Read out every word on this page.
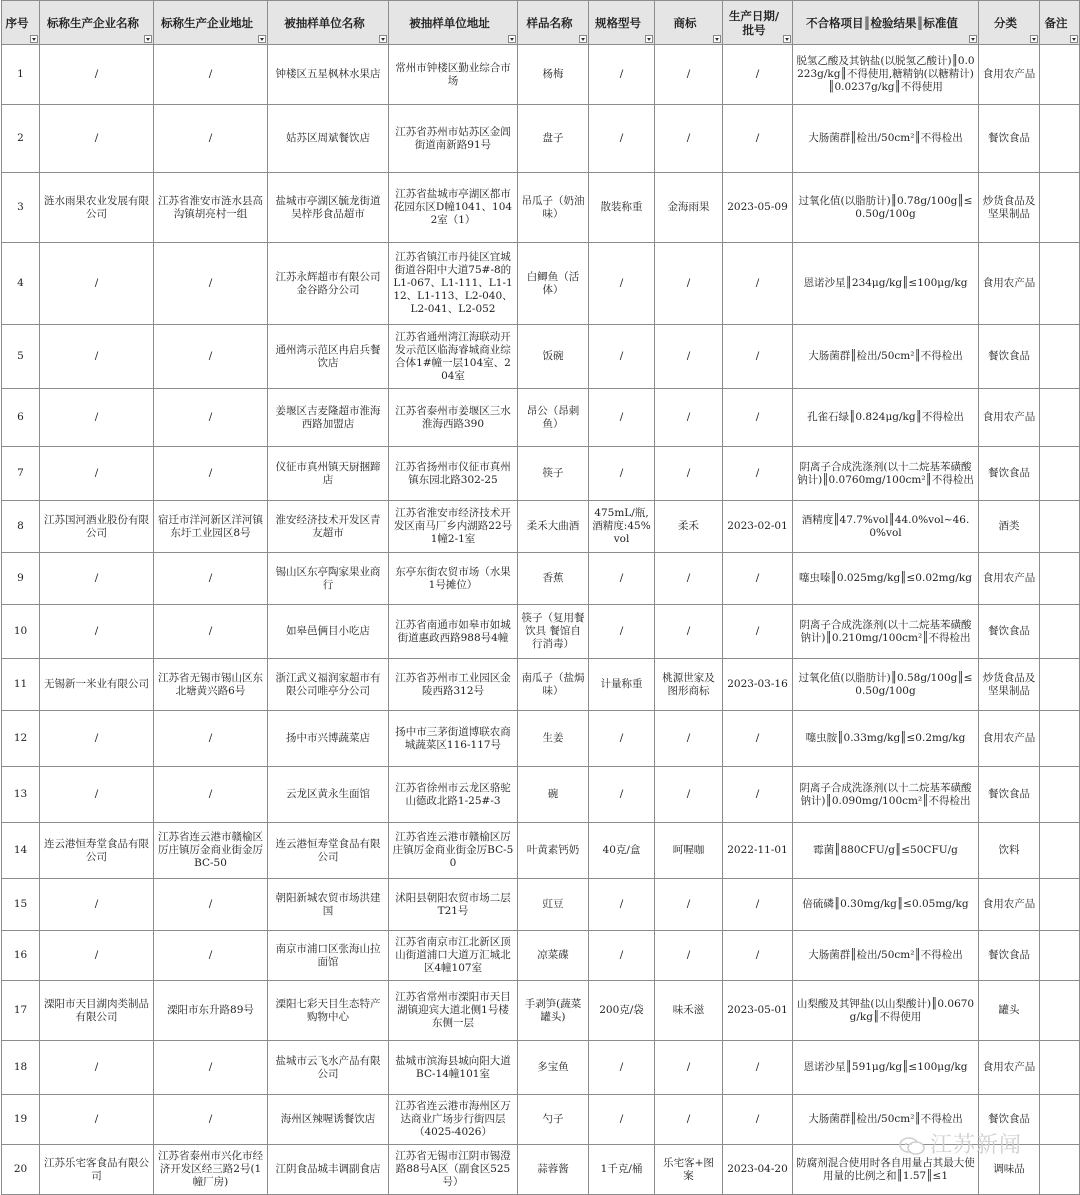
序号	标称生产企业名称	标称生产企业地址	被抽样单位名称	被抽样单位地址	样品名称	规格型号	商标	生产日期/批号	不合格项目║检验结果║标准值	分类	备注

1	/	/	钟楼区五星枫林水果店	常州市钟楼区勤业综合市场	杨梅	/	/	/	脱氢乙酸及其钠盐(以脱氢乙酸计)║0.0223g/kg║不得使用,糖精钠(以糖精计)║0.0237g/kg║不得使用	食用农产品	
2	/	/	姑苏区周斌餐饮店	江苏省苏州市姑苏区金阊街道南新路91号	盘子	/	/	/	大肠菌群║检出/50cm²║不得检出	餐饮食品	
3	涟水雨果农业发展有限公司	江苏省淮安市涟水县高沟镇胡亮村一组	盐城市亭湖区毓龙街道吴梓彤食品超市	江苏省盐城市亭湖区都市花园东区D幢1041、1042室（1）	吊瓜子（奶油味）	散装称重	金海雨果	2023-05-09	过氧化值(以脂肪计)║0.78g/100g║≤0.50g/100g	炒货食品及坚果制品	
4	/	/	江苏永辉超市有限公司金谷路分公司	江苏省镇江市丹徒区宜城街道谷阳中大道75#-8的L1-067、L1-111、L1-112、L1-113、L2-040、L2-041、L2-052	白鲫鱼（活体）	/	/	/	恩诺沙星║234μg/kg║≤100μg/kg	食用农产品	
5	/	/	通州湾示范区冉启兵餐饮店	江苏省通州湾江海联动开发示范区临海睿城商业综合体1#幢一层104室、204室	饭碗	/	/	/	大肠菌群║检出/50cm²║不得检出	餐饮食品	
6	/	/	姜堰区吉麦隆超市淮海西路加盟店	江苏省泰州市姜堰区三水淮海西路390	昂公（昂刺鱼）	/	/	/	孔雀石绿║0.824μg/kg║不得检出	食用农产品	
7	/	/	仪征市真州镇天厨捆蹄店	江苏省扬州市仪征市真州镇东园北路302-25	筷子	/	/	/	阴离子合成洗涤剂(以十二烷基苯磺酸钠计)║0.0760mg/100cm²║不得检出	餐饮食品	
8	江苏国河酒业股份有限公司	宿迁市洋河新区洋河镇东圩工业园区8号	淮安经济技术开发区青友超市	江苏省淮安市经济技术开发区南马厂乡内湖路22号1幢2-1室	柔禾大曲酒	475mL/瓶,酒精度:45%vol	柔禾	2023-02-01	酒精度║47.7%vol║44.0%vol~46.0%vol	酒类	
9	/	/	锡山区东亭陶家果业商行	东亭东街农贸市场（水果1号摊位）	香蕉	/	/	/	噻虫嗪║0.025mg/kg║≤0.02mg/kg	食用农产品	
10	/	/	如皋邑俩目小吃店	江苏省南通市如皋市如城街道惠政西路988号4幢	筷子（复用餐饮具 餐馆自行消毒）	/	/	/	阴离子合成洗涤剂(以十二烷基苯磺酸钠计)║0.210mg/100cm²║不得检出	餐饮食品	
11	无锡新一米业有限公司	江苏省无锡市锡山区东北塘黄兴路6号	浙江武义福润家超市有限公司唯亭分公司	江苏省苏州市工业园区金陵西路312号	南瓜子（盐焗味）	计量称重	桃源世家及图形商标	2023-03-16	过氧化值(以脂肪计)║0.58g/100g║≤0.50g/100g	炒货食品及坚果制品	
12	/	/	扬中市兴博蔬菜店	扬中市三茅街道博联农商城蔬菜区116-117号	生姜	/	/	/	噻虫胺║0.33mg/kg║≤0.2mg/kg	食用农产品	
13	/	/	云龙区黄永生面馆	江苏省徐州市云龙区骆驼山德政北路1-25#-3	碗	/	/	/	阴离子合成洗涤剂(以十二烷基苯磺酸钠计)║0.090mg/100cm²║不得检出	餐饮食品	
14	连云港恒寿堂食品有限公司	江苏省连云港市赣榆区厉庄镇厉金商业街金厉BC-50	连云港恒寿堂食品有限公司	江苏省连云港市赣榆区厉庄镇厉金商业街金厉BC-50	叶黄素钙奶	40克/盒	呵喔咖	2022-11-01	霉菌║880CFU/g║≤50CFU/g	饮料	
15	/	/	朝阳新城农贸市场洪建国	沭阳县朝阳农贸市场二层T21号	豇豆	/	/	/	倍硫磷║0.30mg/kg║≤0.05mg/kg	食用农产品	
16	/	/	南京市浦口区张海山拉面馆	江苏省南京市江北新区顶山街道浦口大道万汇城北区4幢107室	凉菜碟	/	/	/	大肠菌群║检出/50cm²║不得检出	餐饮食品	
17	溧阳市天目湖肉类制品有限公司	溧阳市东升路89号	溧阳七彩天目生态特产购物中心	江苏省常州市溧阳市天目湖镇迎宾大道北侧1号楼东侧一层	手剥笋(蔬菜罐头)	200克/袋	味禾滋	2023-05-01	山梨酸及其钾盐(以山梨酸计)║0.0670g/kg║不得使用	罐头	
18	/	/	盐城市云飞水产品有限公司	盐城市滨海县城向阳大道BC-14幢101室	多宝鱼	/	/	/	恩诺沙星║591μg/kg║≤100μg/kg	食用农产品	
19	/	/	海州区辣喔诱餐饮店	江苏省连云港市海州区万达商业广场步行街四层（4025-4026）	勺子	/	/	/	大肠菌群║检出/50cm²║不得检出	餐饮食品	
20	江苏乐宅客食品有限公司	江苏省泰州市兴化市经济开发区经三路2号(1幢厂房)	江阴食品城丰调副食店	江苏省无锡市江阴市锡澄路88号A区（副食区525号）	蒜蓉酱	1千克/桶	乐宅客+图案	2023-04-20	防腐剂混合使用时各自用量占其最大使用量的比例之和║1.57║≤1	调味品	
江苏新闻
